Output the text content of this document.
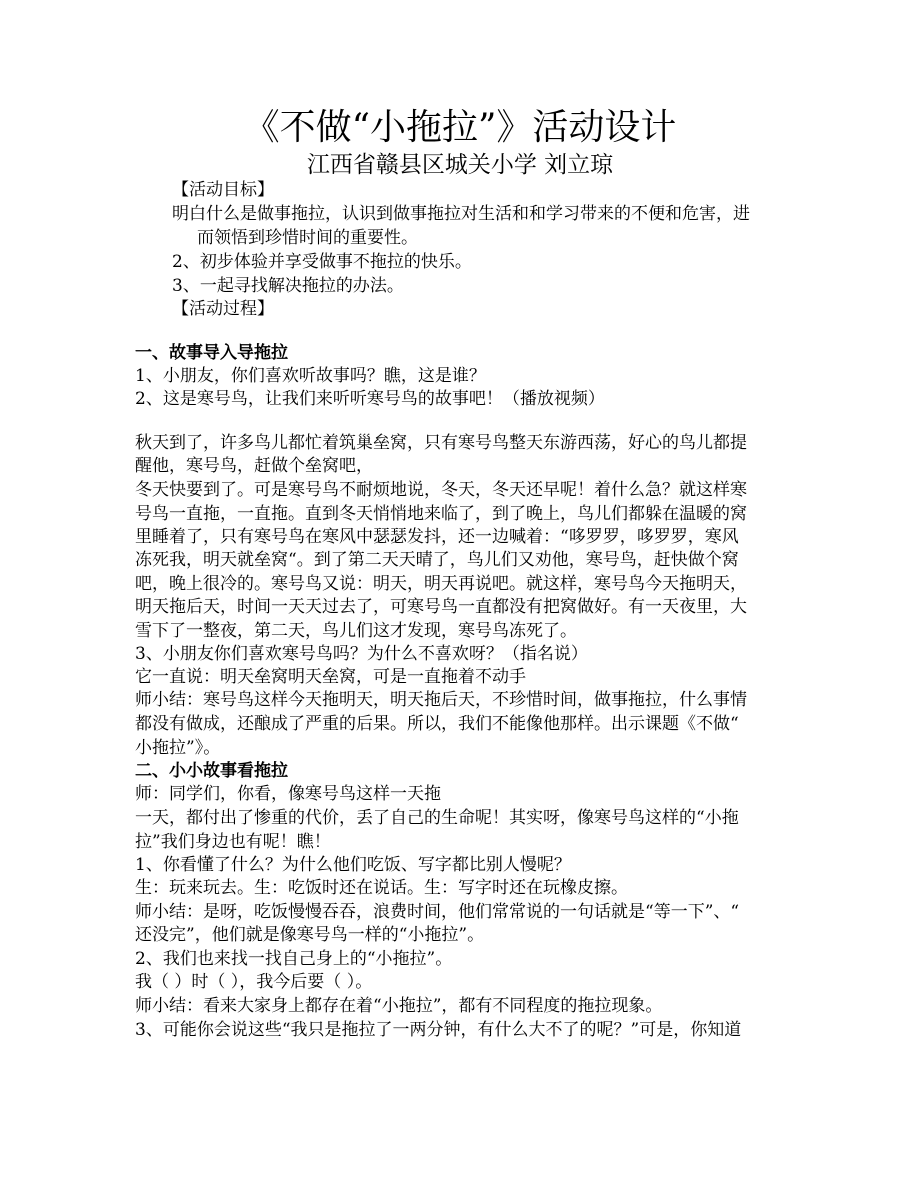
《不做“小拖拉”》活动设计
江西省赣县区城关小学 刘立琼
【活动目标】
明白什么是做事拖拉，认识到做事拖拉对生活和和学习带来的不便和危害，进
而领悟到珍惜时间的重要性。
2、初步体验并享受做事不拖拉的快乐。
3、一起寻找解决拖拉的办法。
【活动过程】
一、故事导入导拖拉
1、小朋友，你们喜欢听故事吗？瞧，这是谁？
2、这是寒号鸟，让我们来听听寒号鸟的故事吧！（播放视频）
秋天到了，许多鸟儿都忙着筑巢垒窝，只有寒号鸟整天东游西荡，好心的鸟儿都提
醒他，寒号鸟，赶做个垒窝吧，
冬天快要到了。可是寒号鸟不耐烦地说，冬天，冬天还早呢！着什么急？就这样寒
号鸟一直拖，一直拖。直到冬天悄悄地来临了，到了晚上，鸟儿们都躲在温暖的窝
里睡着了，只有寒号鸟在寒风中瑟瑟发抖，还一边喊着：“哆罗罗，哆罗罗，寒风
冻死我，明天就垒窝“。到了第二天天晴了，鸟儿们又劝他，寒号鸟，赶快做个窝
吧，晚上很冷的。寒号鸟又说：明天，明天再说吧。就这样，寒号鸟今天拖明天，
明天拖后天，时间一天天过去了，可寒号鸟一直都没有把窝做好。有一天夜里，大
雪下了一整夜，第二天，鸟儿们这才发现，寒号鸟冻死了。
3、小朋友你们喜欢寒号鸟吗？为什么不喜欢呀？（指名说）
它一直说：明天垒窝明天垒窝，可是一直拖着不动手
师小结：寒号鸟这样今天拖明天，明天拖后天，不珍惜时间，做事拖拉，什么事情
都没有做成，还酿成了严重的后果。所以，我们不能像他那样。出示课题《不做“
小拖拉”》。
二、小小故事看拖拉
师：同学们，你看，像寒号鸟这样一天拖
一天，都付出了惨重的代价，丢了自己的生命呢！其实呀，像寒号鸟这样的“小拖
拉”我们身边也有呢！瞧！
1、你看懂了什么？为什么他们吃饭、写字都比别人慢呢？
生：玩来玩去。生：吃饭时还在说话。生：写字时还在玩橡皮擦。
师小结：是呀，吃饭慢慢吞吞，浪费时间，他们常常说的一句话就是“等一下”、“
还没完”，他们就是像寒号鸟一样的“小拖拉”。
2、我们也来找一找自己身上的“小拖拉”。
我（ ）时（ ），我今后要（ ）。
师小结：看来大家身上都存在着“小拖拉”，都有不同程度的拖拉现象。
3、可能你会说这些“我只是拖拉了一两分钟，有什么大不了的呢？”可是，你知道
